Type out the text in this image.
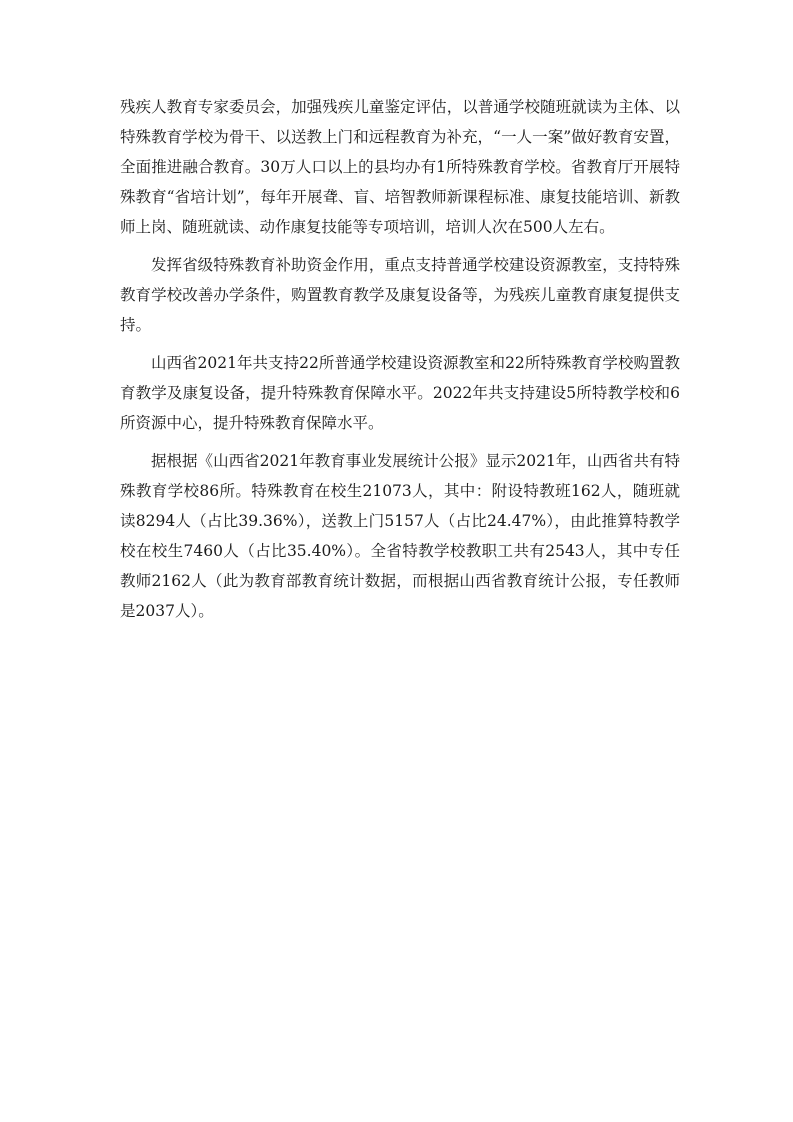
残疾人教育专家委员会，加强残疾儿童鉴定评估，以普通学校随班就读为主体、以特殊教育学校为骨干、以送教上门和远程教育为补充，“一人一案”做好教育安置，全面推进融合教育。30万人口以上的县均办有1所特殊教育学校。省教育厅开展特殊教育“省培计划”，每年开展聋、盲、培智教师新课程标准、康复技能培训、新教师上岗、随班就读、动作康复技能等专项培训，培训人次在500人左右。

发挥省级特殊教育补助资金作用，重点支持普通学校建设资源教室，支持特殊教育学校改善办学条件，购置教育教学及康复设备等，为残疾儿童教育康复提供支持。

山西省2021年共支持22所普通学校建设资源教室和22所特殊教育学校购置教育教学及康复设备，提升特殊教育保障水平。2022年共支持建设5所特教学校和6所资源中心，提升特殊教育保障水平。

据根据《山西省2021年教育事业发展统计公报》显示2021年，山西省共有特殊教育学校86所。特殊教育在校生21073人，其中：附设特教班162人，随班就读8294人（占比39.36%），送教上门5157人（占比24.47%），由此推算特教学校在校生7460人（占比35.40%）。全省特教学校教职工共有2543人，其中专任教师2162人（此为教育部教育统计数据，而根据山西省教育统计公报，专任教师是2037人）。
